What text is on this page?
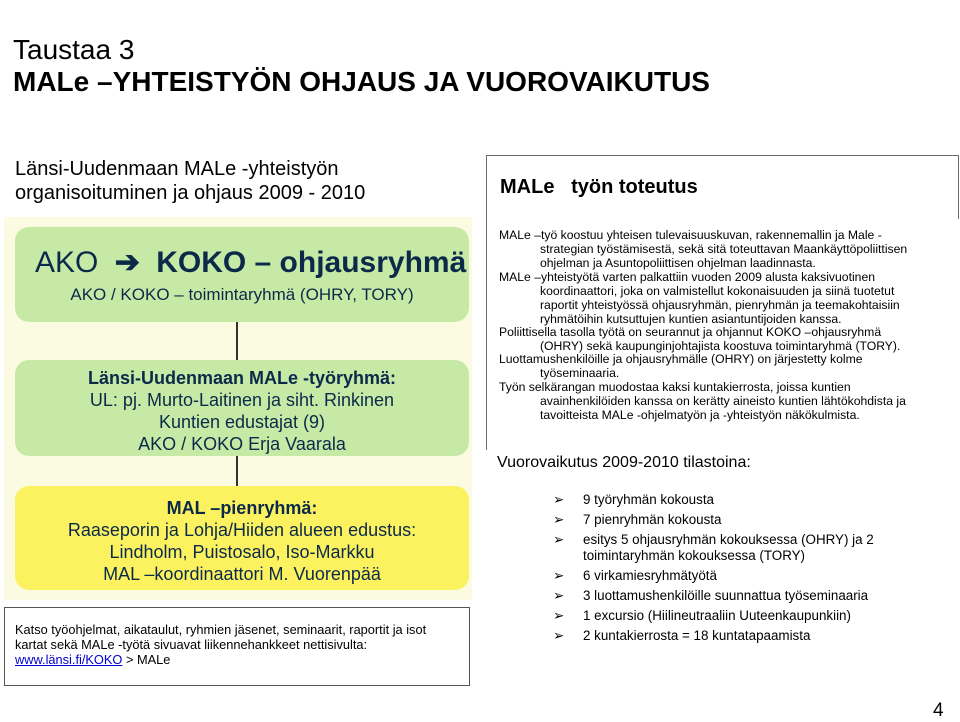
Taustaa 3
MALe –YHTEISTYÖN OHJAUS JA VUOROVAIKUTUS
Länsi-Uudenmaan MALe -yhteistyön
organisoituminen ja ohjaus 2009 - 2010
AKO ➔ KOKO – ohjausryhmä
AKO / KOKO – toimintaryhmä (OHRY, TORY)
Länsi-Uudenmaan MALe -työryhmä:
UL: pj. Murto-Laitinen ja siht. Rinkinen
Kuntien edustajat (9)
AKO / KOKO Erja Vaarala
MAL –pienryhmä:
Raaseporin ja Lohja/Hiiden alueen edustus:
Lindholm, Puistosalo, Iso-Markku
MAL –koordinaattori M. Vuorenpää
Katso työohjelmat, aikataulut, ryhmien jäsenet, seminaarit, raportit ja isot kartat sekä MALe -työtä sivuavat liikennehankkeet nettisivulta: www.länsi.fi/KOKO > MALe
MALe   työn toteutus
MALe –työ koostuu yhteisen tulevaisuuskuvan, rakennemallin ja Male -
strategian työstämisestä, sekä sitä toteuttavan Maankäyttöpoliittisen
ohjelman ja Asuntopoliittisen ohjelman laadinnasta.
MALe –yhteistyötä varten palkattiin vuoden 2009 alusta kaksivuotinen
koordinaattori, joka on valmistellut kokonaisuuden ja siinä tuotetut
raportit yhteistyössä ohjausryhmän, pienryhmän ja teemakohtaisiin
ryhmätöihin kutsuttujen kuntien asiantuntijoiden kanssa.
Poliittisella tasolla työtä on seurannut ja ohjannut KOKO –ohjausryhmä
(OHRY) sekä kaupunginjohtajista koostuva toimintaryhmä (TORY).
Luottamushenkilöille ja ohjausryhmälle (OHRY) on järjestetty kolme
työseminaaria.
Työn selkärangan muodostaa kaksi kuntakierrosta, joissa kuntien
avainhenkilöiden kanssa on kerätty aineisto kuntien lähtökohdista ja
tavoitteista MALe -ohjelmatyön ja -yhteistyön näkökulmista.
Vuorovaikutus 2009-2010 tilastoina:
➢ 9 työryhmän kokousta
➢ 7 pienryhmän kokousta
➢ esitys 5 ohjausryhmän kokouksessa (OHRY) ja 2 toimintaryhmän kokouksessa (TORY)
➢ 6 virkamiesryhmätyötä
➢ 3 luottamushenkilöille suunnattua työseminaaria
➢ 1 excursio (Hiilineutraaliin Uuteenkaupunkiin)
➢ 2 kuntakierrosta = 18 kuntatapaamista
4
